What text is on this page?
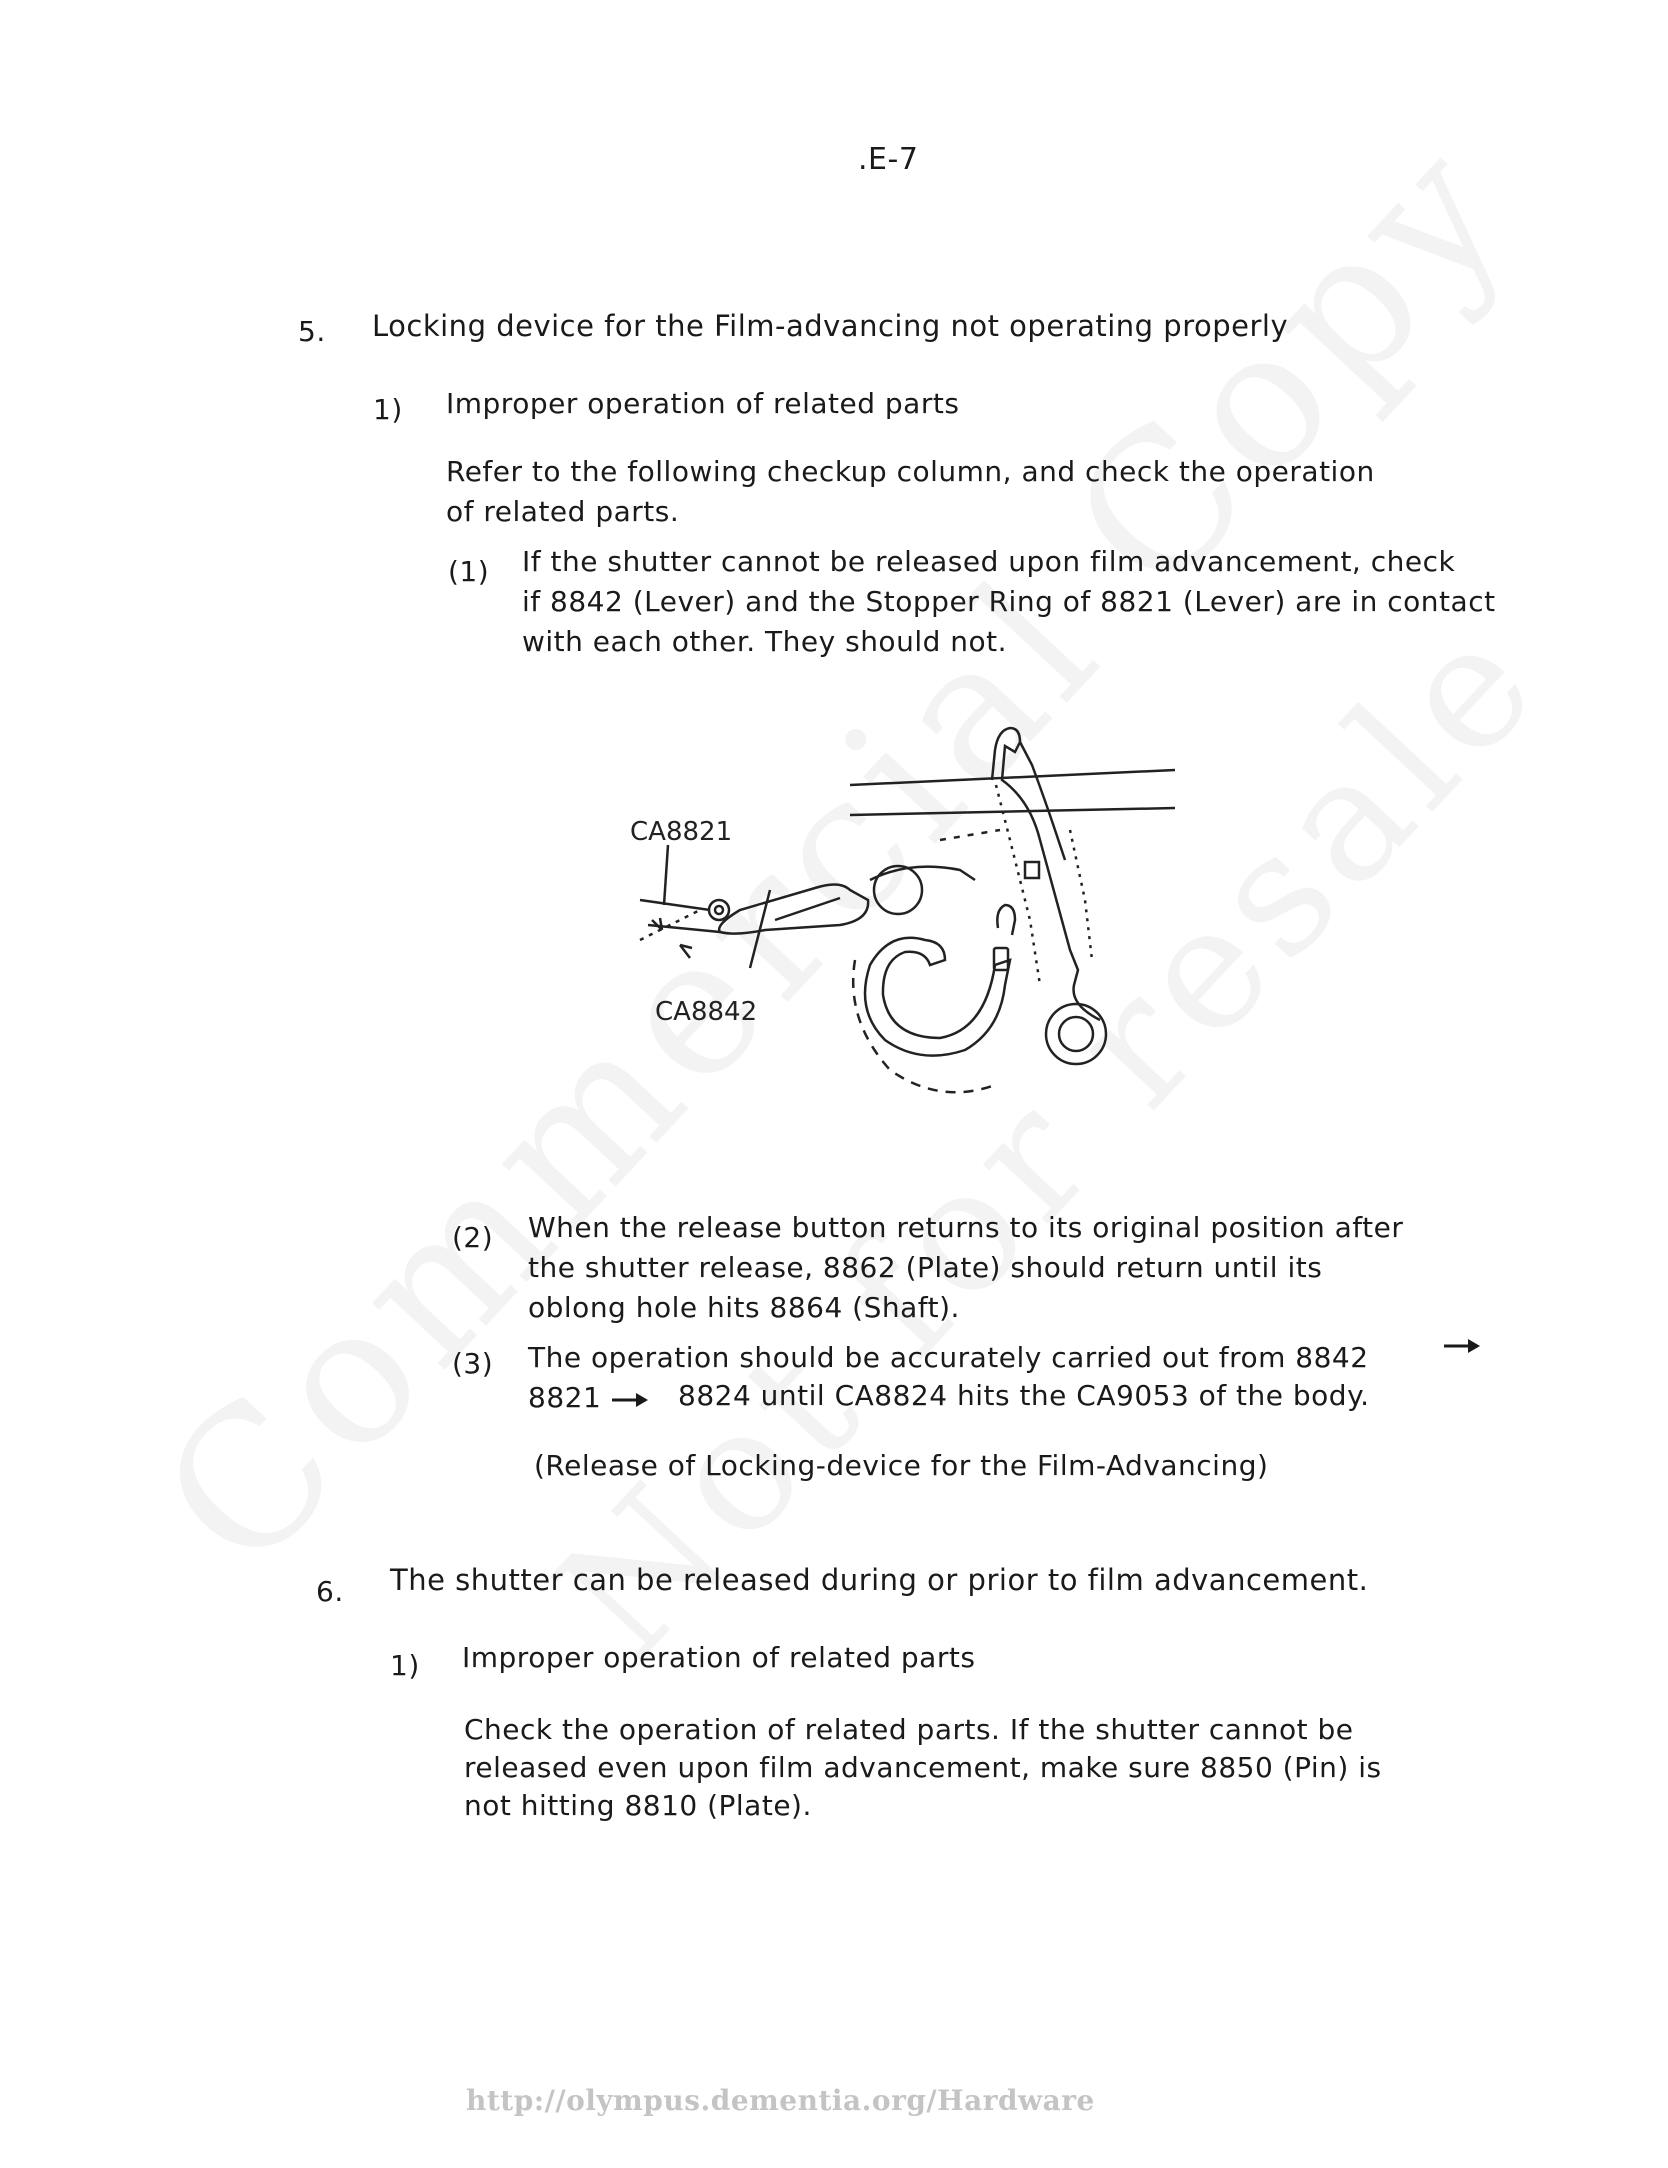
.E-7
5. Locking device for the Film-advancing not operating properly
1) Improper operation of related parts
Refer to the following checkup column, and check the operation
of related parts.
(1) If the shutter cannot be released upon film advancement, check
if 8842 (Lever) and the Stopper Ring of 8821 (Lever) are in contact
with each other. They should not.
CA8821
CA8842
(2) When the release button returns to its original position after
the shutter release, 8862 (Plate) should return until its
oblong hole hits 8864 (Shaft).
(3) The operation should be accurately carried out from 8842
8821	8824 until CA8824 hits the CA9053 of the body.
(Release of Locking-device for the Film-Advancing)
6. The shutter can be released during or prior to film advancement.
1) Improper operation of related parts
Check the operation of related parts. If the shutter cannot be
released even upon film advancement, make sure 8850 (Pin) is
not hitting 8810 (Plate).
http://olympus.dementia.org/Hardware
